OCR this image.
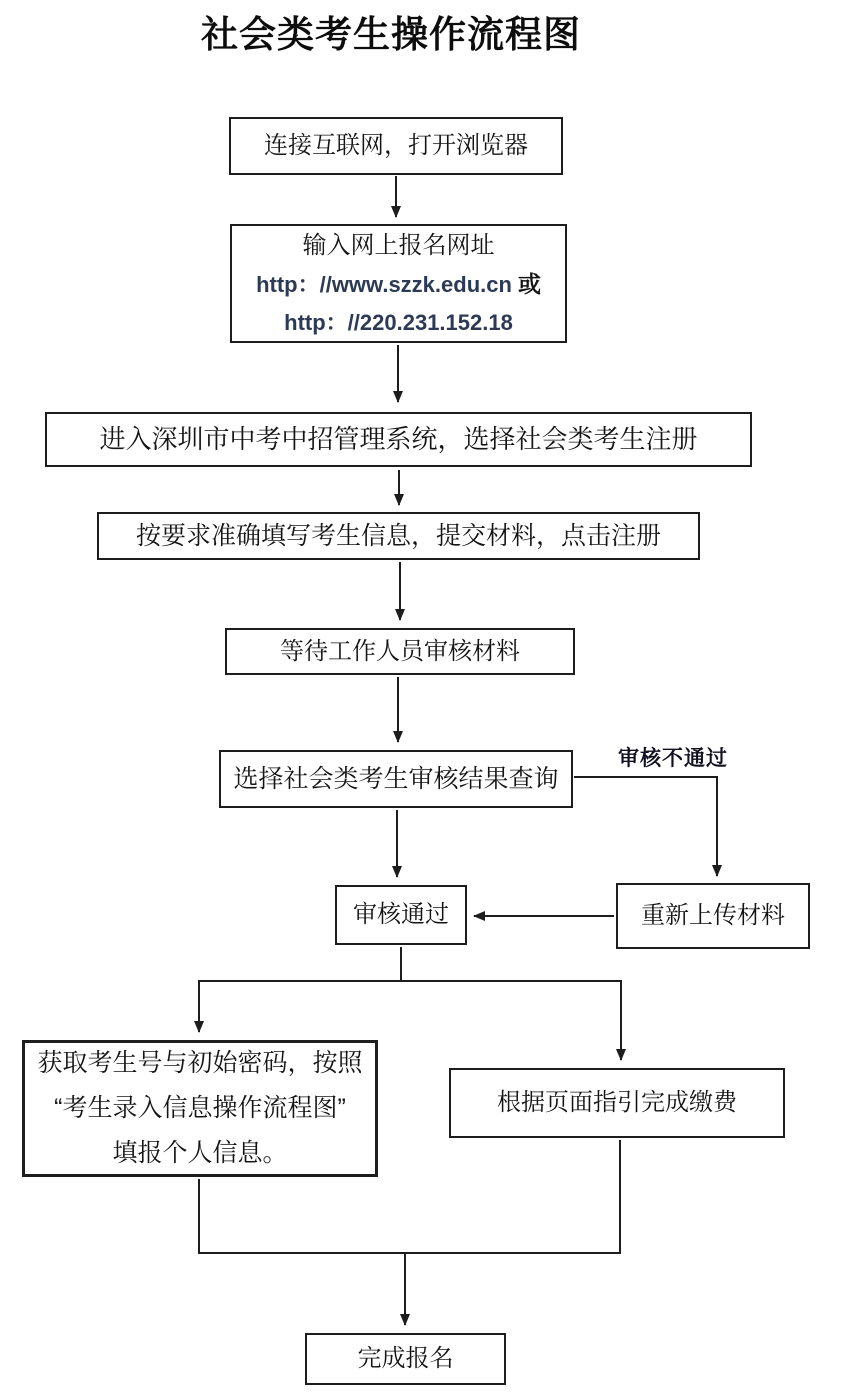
社会类考生操作流程图
连接互联网，打开浏览器
输入网上报名网址
http：//www.szzk.edu.cn 或
http：//220.231.152.18
进入深圳市中考中招管理系统，选择社会类考生注册
按要求准确填写考生信息，提交材料，点击注册
等待工作人员审核材料
选择社会类考生审核结果查询
审核通过	重新上传材料
获取考生号与初始密码，按照
“考生录入信息操作流程图”
填报个人信息。
根据页面指引完成缴费
完成报名
审核不通过
